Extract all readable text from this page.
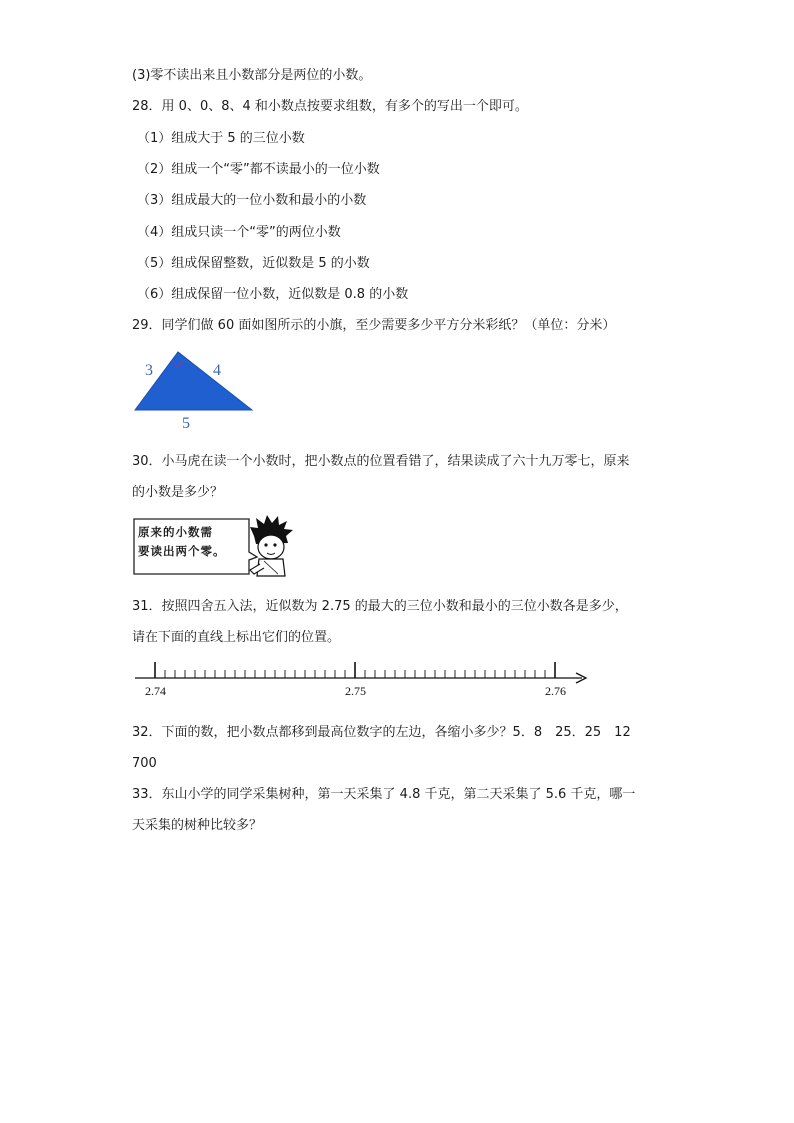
(3)零不读出来且小数部分是两位的小数。
28．用 0、0、8、4 和小数点按要求组数，有多个的写出一个即可。
（1）组成大于 5 的三位小数
（2）组成一个“零”都不读最小的一位小数
（3）组成最大的一位小数和最小的小数
（4）组成只读一个“零”的两位小数
（5）组成保留整数，近似数是 5 的小数
（6）组成保留一位小数，近似数是 0.8 的小数
29．同学们做 60 面如图所示的小旗，至少需要多少平方分米彩纸？（单位：分米）
3	4
5
30．小马虎在读一个小数时，把小数点的位置看错了，结果读成了六十九万零七，原来
的小数是多少？
原来的小数需
要读出两个零。
31．按照四舍五入法，近似数为 2.75 的最大的三位小数和最小的三位小数各是多少，
请在下面的直线上标出它们的位置。
2.74	2.75	2.76
32．下面的数，把小数点都移到最高位数字的左边，各缩小多少？5．8　25．25　12
700
33．东山小学的同学采集树种，第一天采集了 4.8 千克，第二天采集了 5.6 千克，哪一
天采集的树种比较多？
